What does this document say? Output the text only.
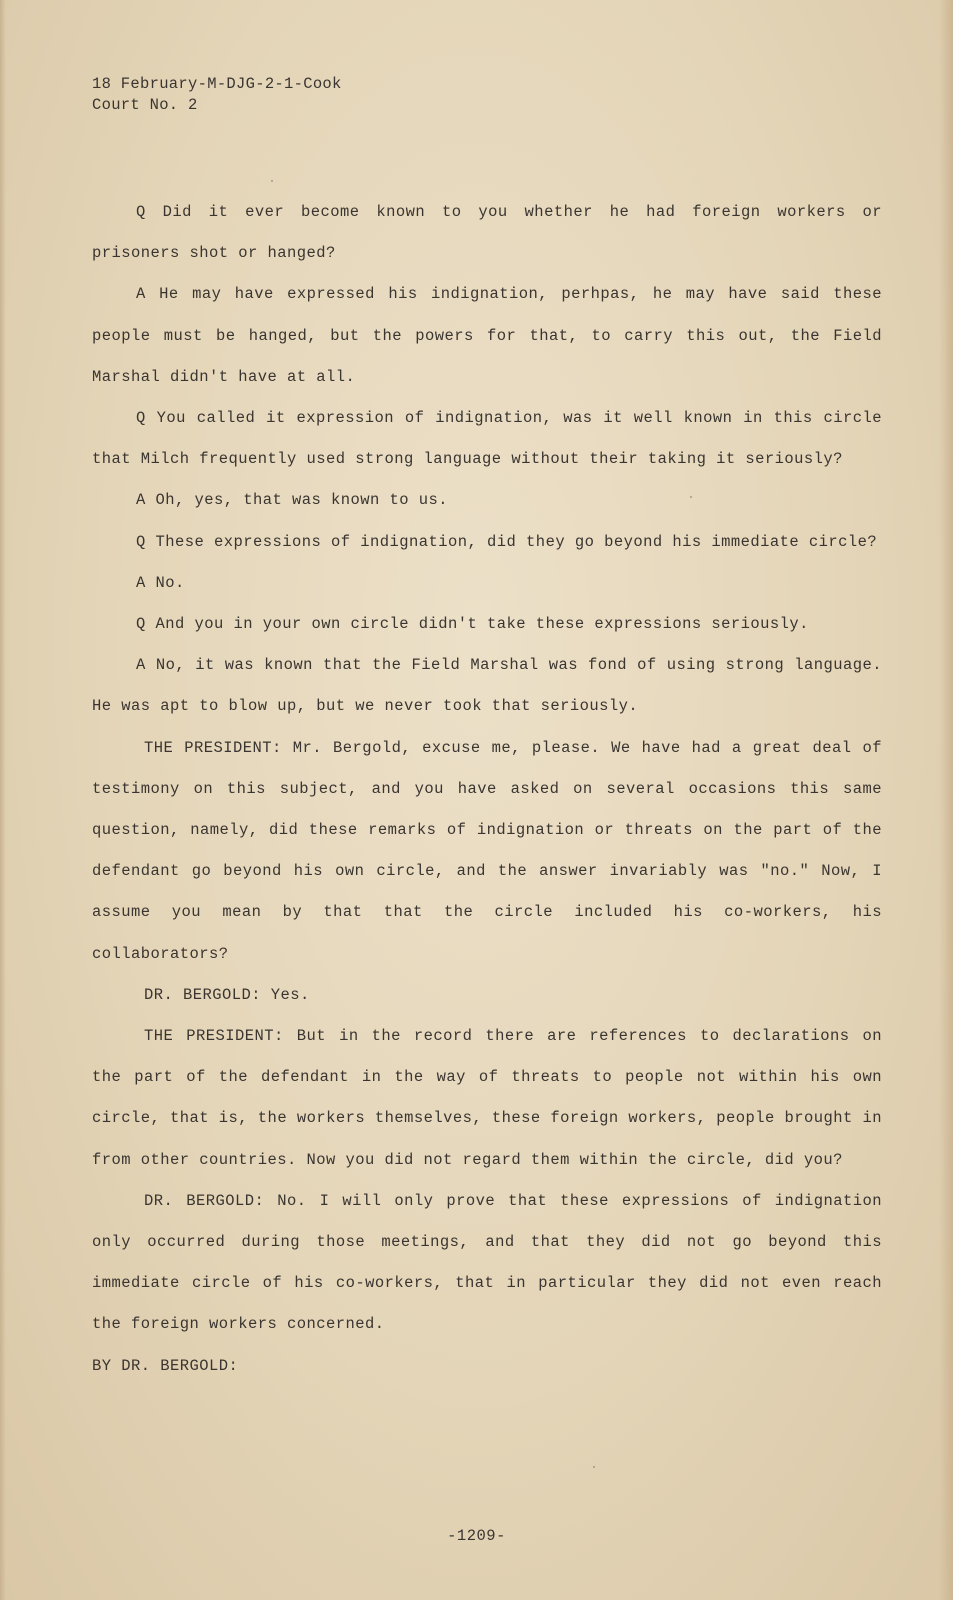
18 February-M-DJG-2-1-Cook
Court No. 2

Q Did it ever become known to you whether he had foreign workers or prisoners shot or hanged?

A He may have expressed his indignation, perhpas, he may have said these people must be hanged, but the powers for that, to carry this out, the Field Marshal didn't have at all.

Q You called it expression of indignation, was it well known in this circle that Milch frequently used strong language without their taking it seriously?

A Oh, yes, that was known to us.

Q These expressions of indignation, did they go beyond his immediate circle?

A No.

Q And you in your own circle didn't take these expressions seriously.

A No, it was known that the Field Marshal was fond of using strong language. He was apt to blow up, but we never took that seriously.

THE PRESIDENT: Mr. Bergold, excuse me, please. We have had a great deal of testimony on this subject, and you have asked on several occasions this same question, namely, did these remarks of indignation or threats on the part of the defendant go beyond his own circle, and the answer invariably was "no." Now, I assume you mean by that that the circle included his co-workers, his collaborators?

DR. BERGOLD: Yes.

THE PRESIDENT: But in the record there are references to declarations on the part of the defendant in the way of threats to people not within his own circle, that is, the workers themselves, these foreign workers, people brought in from other countries. Now you did not regard them within the circle, did you?

DR. BERGOLD: No. I will only prove that these expressions of indignation only occurred during those meetings, and that they did not go beyond this immediate circle of his co-workers, that in particular they did not even reach the foreign workers concerned.

BY DR. BERGOLD:

-1209-
